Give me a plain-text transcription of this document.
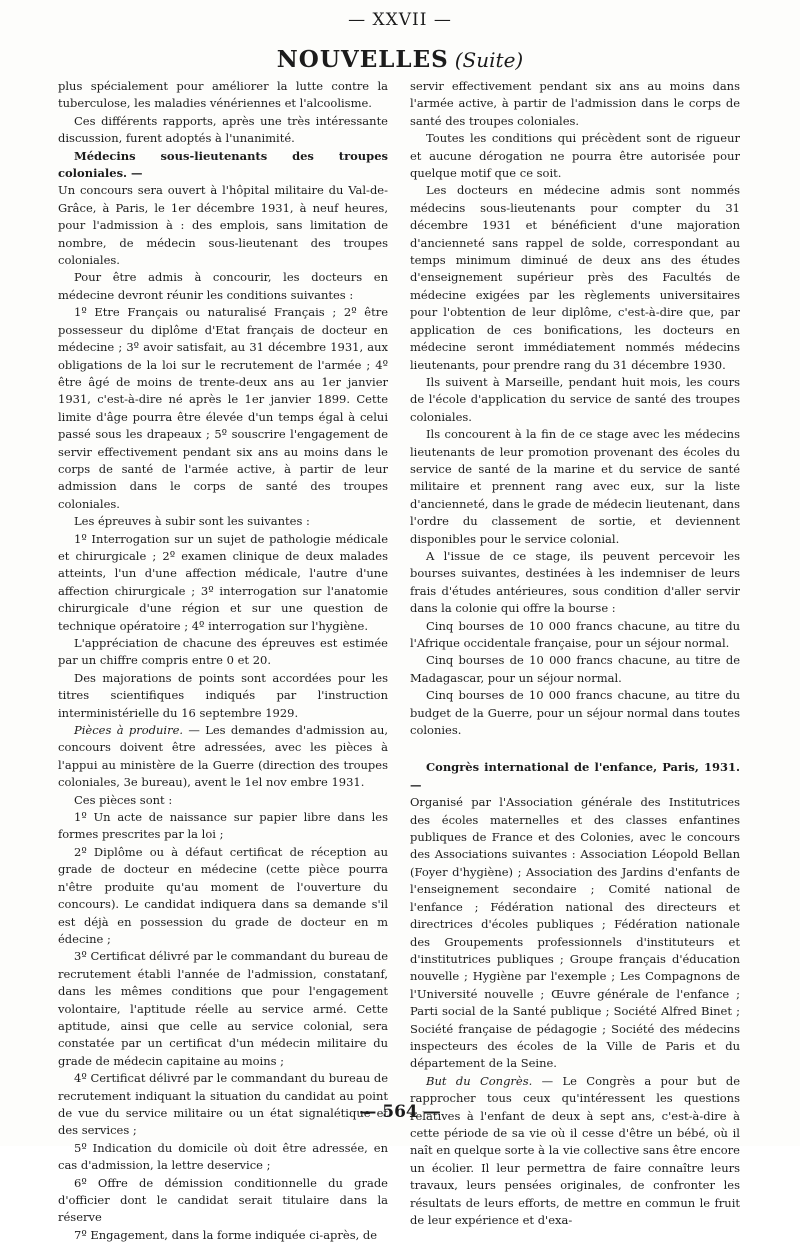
— XXVII —
NOUVELLES (Suite)

plus spécialement pour améliorer la lutte contre la tuberculose, les maladies vénériennes et l'alcoolisme.

Ces différents rapports, après une très intéressante discussion, furent adoptés à l'unanimité.

Médecins sous-lieutenants des troupes coloniales. —

Un concours sera ouvert à l'hôpital militaire du Val-de-Grâce, à Paris, le 1er décembre 1931, à neuf heures, pour l'admission à : des emplois, sans limitation de nombre, de médecin sous-lieutenant des troupes coloniales.

Pour être admis à concourir, les docteurs en médecine devront réunir les conditions suivantes :

1º Etre Français ou naturalisé Français ; 2º être possesseur du diplôme d'Etat français de docteur en médecine ; 3º avoir satisfait, au 31 décembre 1931, aux obligations de la loi sur le recrutement de l'armée ; 4º être âgé de moins de trente-deux ans au 1er janvier 1931, c'est-à-dire né après le 1er janvier 1899. Cette limite d'âge pourra être élevée d'un temps égal à celui passé sous les drapeaux ; 5º souscrire l'engagement de servir effectivement pendant six ans au moins dans le corps de santé de l'armée active, à partir de leur admission dans le corps de santé des troupes coloniales.

Les épreuves à subir sont les suivantes :

1º Interrogation sur un sujet de pathologie médicale et chirurgicale ; 2º examen clinique de deux malades atteints, l'un d'une affection médicale, l'autre d'une affection chirurgicale ; 3º interrogation sur l'anatomie chirurgicale d'une région et sur une question de technique opératoire ; 4º interrogation sur l'hygiène.

L'appréciation de chacune des épreuves est estimée par un chiffre compris entre 0 et 20.

Des majorations de points sont accordées pour les titres scientifiques indiqués par l'instruction interministérielle du 16 septembre 1929.

Pièces à produire. — Les demandes d'admission au, concours doivent être adressées, avec les pièces à l'appui au ministère de la Guerre (direction des troupes coloniales, 3e bureau), avent le 1el nov embre 1931.

Ces pièces sont :

1º Un acte de naissance sur papier libre dans les formes prescrites par la loi ;

2º Diplôme ou à défaut certificat de réception au grade de docteur en médecine (cette pièce pourra n'être produite qu'au moment de l'ouverture du concours). Le candidat indiquera dans sa demande s'il est déjà en possession du grade de docteur en m édecine ;

3º Certificat délivré par le commandant du bureau de recrutement établi l'année de l'admission, constatanf, dans les mêmes conditions que pour l'engagement volontaire, l'aptitude réelle au service armé. Cette aptitude, ainsi que celle au service colonial, sera constatée par un certificat d'un médecin militaire du grade de médecin capitaine au moins ;

4º Certificat délivré par le commandant du bureau de recrutement indiquant la situation du candidat au point de vue du service militaire ou un état signalétique et des services ;

5º Indication du domicile où doit être adressée, en cas d'admission, la lettre deservice ;

6º Offre de démission conditionnelle du grade d'officier dont le candidat serait titulaire dans la réserve

7º Engagement, dans la forme indiquée ci-après, de

servir effectivement pendant six ans au moins dans l'armée active, à partir de l'admission dans le corps de santé des troupes coloniales.

Toutes les conditions qui précèdent sont de rigueur et aucune dérogation ne pourra être autorisée pour quelque motif que ce soit.

Les docteurs en médecine admis sont nommés médecins sous-lieutenants pour compter du 31 décembre 1931 et bénéficient d'une majoration d'ancienneté sans rappel de solde, correspondant au temps minimum diminué de deux ans des études d'enseignement supérieur près des Facultés de médecine exigées par les règlements universitaires pour l'obtention de leur diplôme, c'est-à-dire que, par application de ces bonifications, les docteurs en médecine seront immédiatement nommés médecins lieutenants, pour prendre rang du 31 décembre 1930.

Ils suivent à Marseille, pendant huit mois, les cours de l'école d'application du service de santé des troupes coloniales.

Ils concourent à la fin de ce stage avec les médecins lieutenants de leur promotion provenant des écoles du service de santé de la marine et du service de santé militaire et prennent rang avec eux, sur la liste d'ancienneté, dans le grade de médecin lieutenant, dans l'ordre du classement de sortie, et deviennent disponibles pour le service colonial.

A l'issue de ce stage, ils peuvent percevoir les bourses suivantes, destinées à les indemniser de leurs frais d'études antérieures, sous condition d'aller servir dans la colonie qui offre la bourse :

Cinq bourses de 10 000 francs chacune, au titre du l'Afrique occidentale française, pour un séjour normal.

Cinq bourses de 10 000 francs chacune, au titre de Madagascar, pour un séjour normal.

Cinq bourses de 10 000 francs chacune, au titre du budget de la Guerre, pour un séjour normal dans toutes colonies.

Congrès international de l'enfance, Paris, 1931. —

Organisé par l'Association générale des Institutrices des écoles maternelles et des classes enfantines publiques de France et des Colonies, avec le concours des Associations suivantes : Association Léopold Bellan (Foyer d'hygiène) ; Association des Jardins d'enfants de l'enseignement secondaire ; Comité national de l'enfance ; Fédération national des directeurs et directrices d'écoles publiques ; Fédération nationale des Groupements professionnels d'instituteurs et d'institutrices publiques ; Groupe français d'éducation nouvelle ; Hygiène par l'exemple ; Les Compagnons de l'Université nouvelle ; Œuvre générale de l'enfance ; Parti social de la Santé publique ; Société Alfred Binet ; Société française de pédagogie ; Société des médecins inspecteurs des écoles de la Ville de Paris et du département de la Seine.

But du Congrès. — Le Congrès a pour but de rapprocher tous ceux qu'intéressent les questions relatives à l'enfant de deux à sept ans, c'est-à-dire à cette période de sa vie où il cesse d'être un bébé, où il naît en quelque sorte à la vie collective sans être encore un écolier. Il leur permettra de faire connaître leurs travaux, leurs pensées originales, de confronter les résultats de leurs efforts, de mettre en commun le fruit de leur expérience et d'exa-

— 564 —
